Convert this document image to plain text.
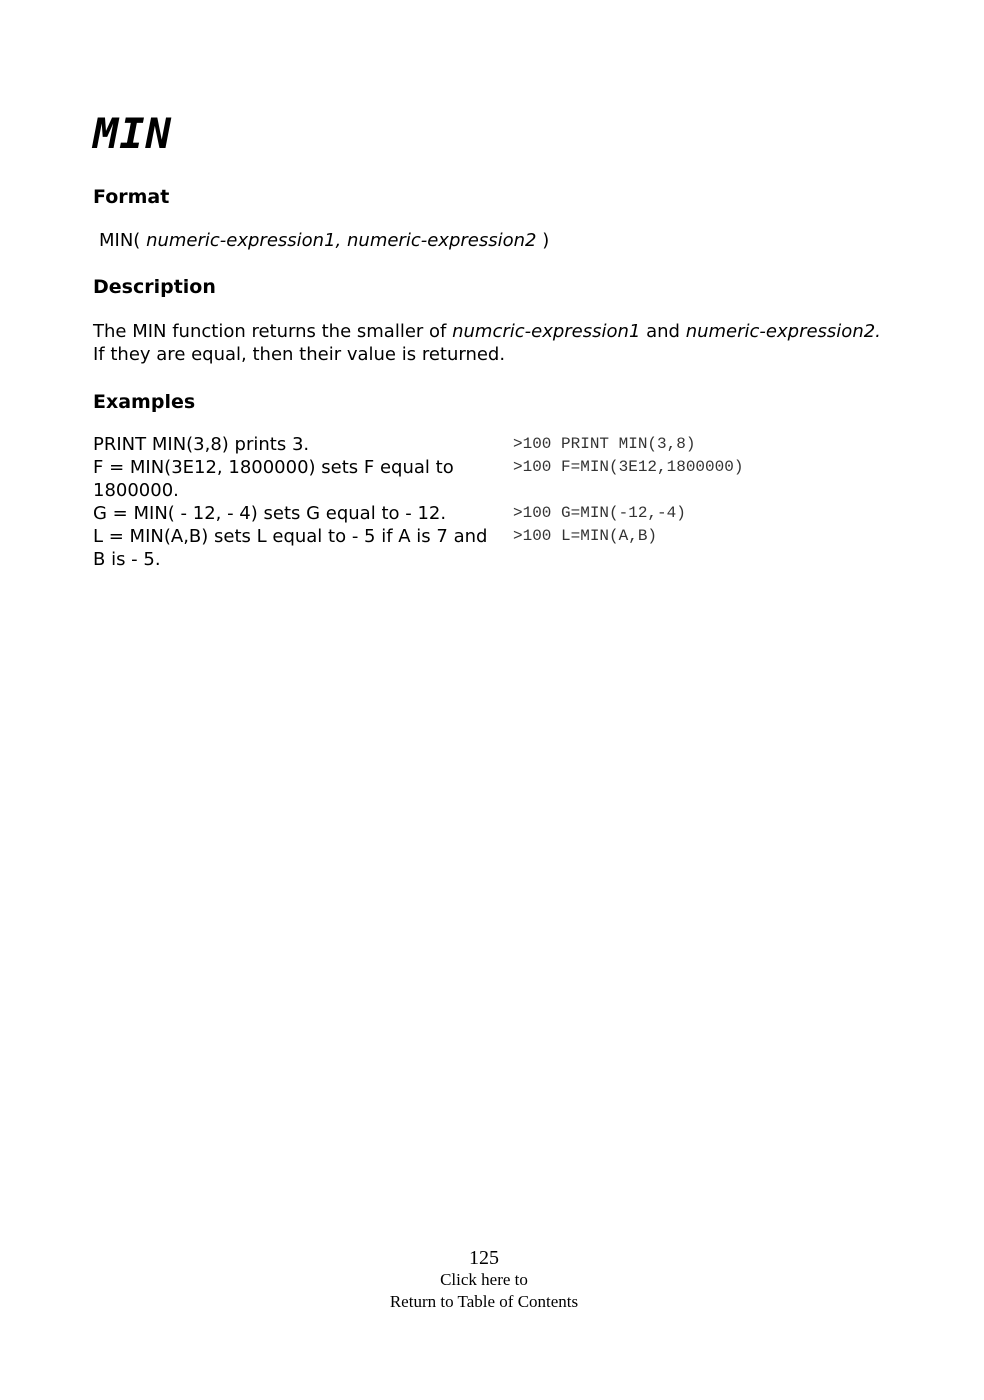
MIN
Format
MIN( numeric-expression1, numeric-expression2 )
Description

The MIN function returns the smaller of numcric-expression1 and numeric-expression2. If they are equal, then their value is returned.

Examples
PRINT MIN(3,8) prints 3.	>100 PRINT MIN(3,8)
F = MIN(3E12, 1800000) sets F equal to 1800000.
>100 F=MIN(3E12,1800000)
G = MIN( - 12, - 4) sets G equal to - 12.	>100 G=MIN(-12,-4)
L = MIN(A,B) sets L equal to - 5 if A is 7 and B is - 5.
>100 L=MIN(A,B)
125
Click here to
Return to Table of Contents
